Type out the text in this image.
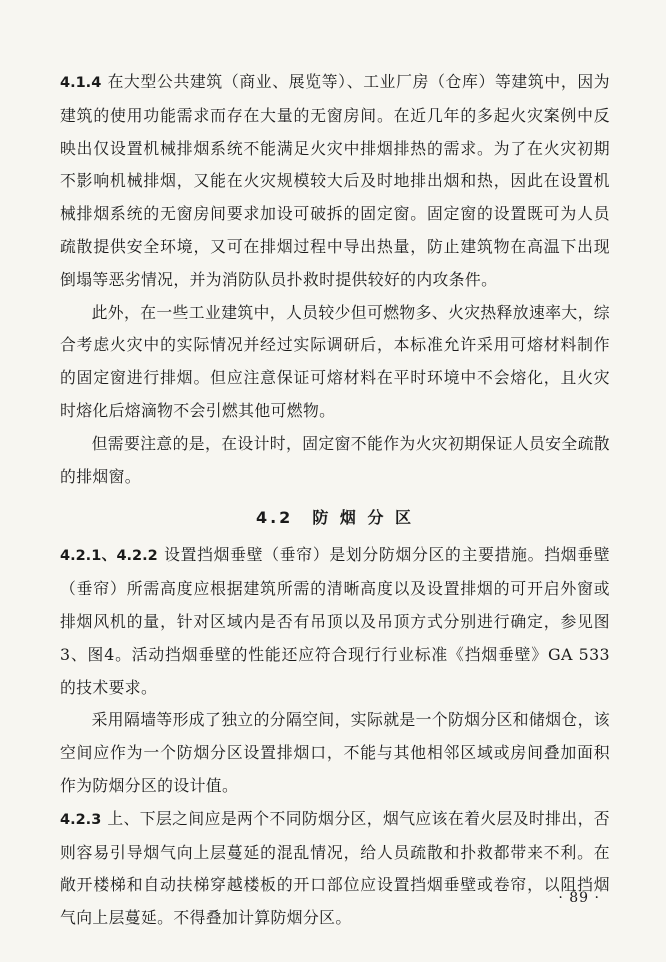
4.1.4 在大型公共建筑（商业、展览等）、工业厂房（仓库）等建筑中，因为建筑的使用功能需求而存在大量的无窗房间。在近几年的多起火灾案例中反映出仅设置机械排烟系统不能满足火灾中排烟排热的需求。为了在火灾初期不影响机械排烟，又能在火灾规模较大后及时地排出烟和热，因此在设置机械排烟系统的无窗房间要求加设可破拆的固定窗。固定窗的设置既可为人员疏散提供安全环境，又可在排烟过程中导出热量，防止建筑物在高温下出现倒塌等恶劣情况，并为消防队员扑救时提供较好的内攻条件。

此外，在一些工业建筑中，人员较少但可燃物多、火灾热释放速率大，综合考虑火灾中的实际情况并经过实际调研后，本标准允许采用可熔材料制作的固定窗进行排烟。但应注意保证可熔材料在平时环境中不会熔化，且火灾时熔化后熔滴物不会引燃其他可燃物。

但需要注意的是，在设计时，固定窗不能作为火灾初期保证人员安全疏散的排烟窗。

4.2　防 烟 分 区

4.2.1、4.2.2 设置挡烟垂壁（垂帘）是划分防烟分区的主要措施。挡烟垂壁（垂帘）所需高度应根据建筑所需的清晰高度以及设置排烟的可开启外窗或排烟风机的量，针对区域内是否有吊顶以及吊顶方式分别进行确定，参见图3、图4。活动挡烟垂壁的性能还应符合现行行业标准《挡烟垂壁》GA 533的技术要求。

采用隔墙等形成了独立的分隔空间，实际就是一个防烟分区和储烟仓，该空间应作为一个防烟分区设置排烟口，不能与其他相邻区域或房间叠加面积作为防烟分区的设计值。

4.2.3 上、下层之间应是两个不同防烟分区，烟气应该在着火层及时排出，否则容易引导烟气向上层蔓延的混乱情况，给人员疏散和扑救都带来不利。在敞开楼梯和自动扶梯穿越楼板的开口部位应设置挡烟垂壁或卷帘，以阻挡烟气向上层蔓延。不得叠加计算防烟分区。

· 89 ·
